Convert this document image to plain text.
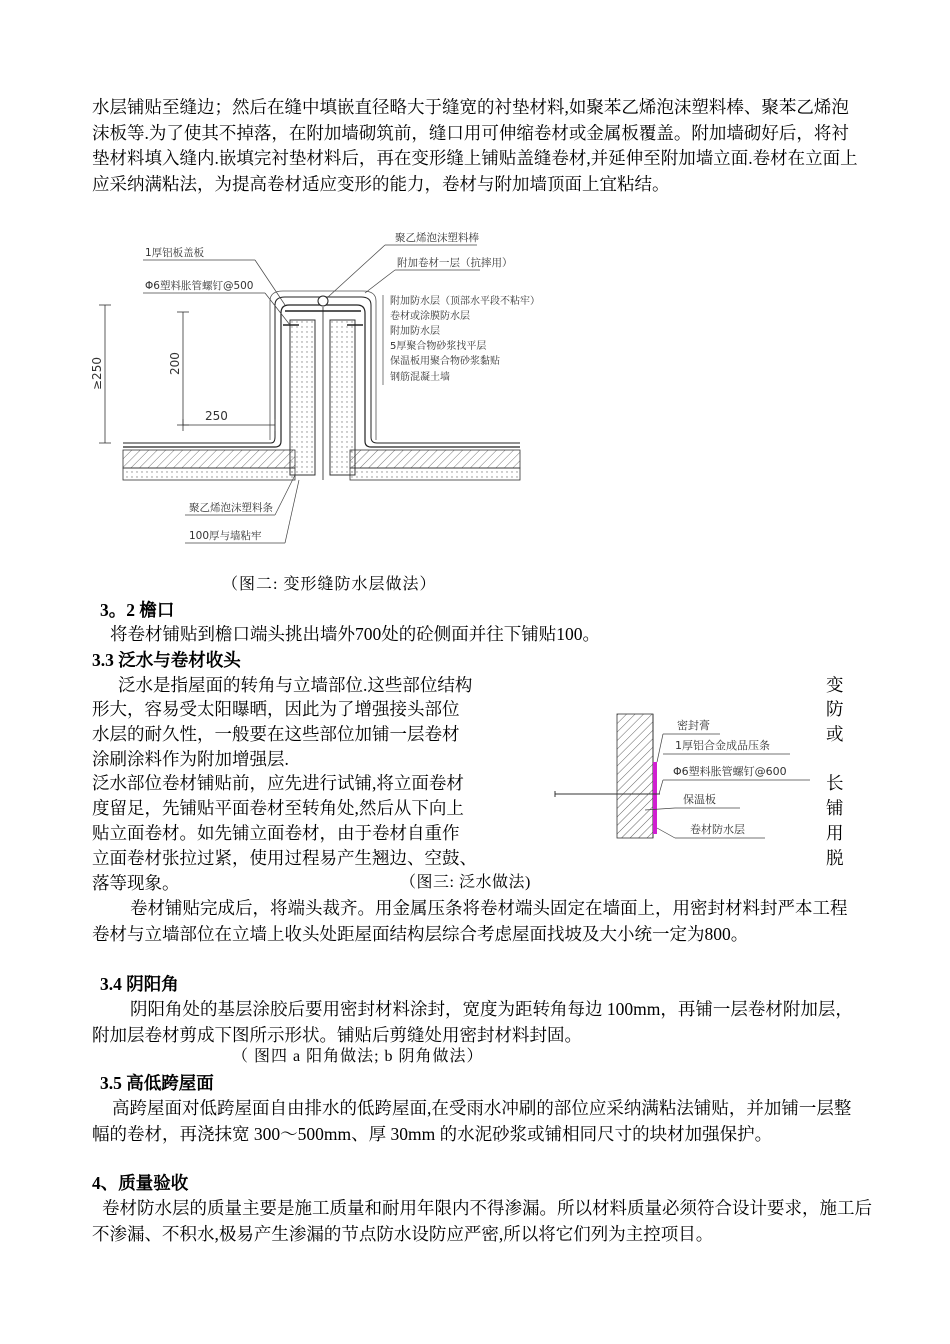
水层铺贴至缝边；然后在缝中填嵌直径略大于缝宽的衬垫材料,如聚苯乙烯泡沫塑料棒、聚苯乙烯泡沫板等.为了使其不掉落，在附加墙砌筑前，缝口用可伸缩卷材或金属板覆盖。附加墙砌好后，将衬垫材料填入缝内.嵌填完衬垫材料后，再在变形缝上铺贴盖缝卷材,并延伸至附加墙立面.卷材在立面上应采纳满粘法，为提高卷材适应变形的能力，卷材与附加墙顶面上宜粘结。

≥250	200
250
1厚铝板盖板
Φ6塑料胀管螺钉@500
聚乙烯泡沫塑料棒
附加卷材一层（抗摔用）
附加防水层（顶部水平段不粘牢）
卷材或涂膜防水层
附加防水层
5厚聚合物砂浆找平层
保温板用聚合物砂浆黏贴
钢筋混凝土墙
聚乙烯泡沫塑料条
100厚与墙粘牢
（图二: 变形缝防水层做法）
3。2 檐口
将卷材铺贴到檐口端头挑出墙外700处的砼侧面并往下铺贴100。
3.3 泛水与卷材收头
泛水是指屋面的转角与立墙部位.这些部位结构
形大，容易受太阳曝晒，因此为了增强接头部位
水层的耐久性，一般要在这些部位加铺一层卷材
涂刷涂料作为附加增强层.
泛水部位卷材铺贴前，应先进行试铺,将立面卷材
度留足，先铺贴平面卷材至转角处,然后从下向上
贴立面卷材。如先铺立面卷材，由于卷材自重作
立面卷材张拉过紧，使用过程易产生翘边、空鼓、
落等现象。
变
防
或
长
铺
用
脱
密封膏
1厚铝合金成品压条
Φ6塑料胀管螺钉@600
保温板
卷材防水层
（图三: 泛水做法)

卷材铺贴完成后，将端头裁齐。用金属压条将卷材端头固定在墙面上，用密封材料封严本工程卷材与立墙部位在立墙上收头处距屋面结构层综合考虑屋面找坡及大小统一定为800。

3.4 阴阳角

阴阳角处的基层涂胶后要用密封材料涂封，宽度为距转角每边 100mm，再铺一层卷材附加层，附加层卷材剪成下图所示形状。铺贴后剪缝处用密封材料封固。

（ 图四 a 阳角做法; b 阴角做法）
3.5 高低跨屋面

高跨屋面对低跨屋面自由排水的低跨屋面,在受雨水冲刷的部位应采纳满粘法铺贴，并加铺一层整幅的卷材，再浇抹宽 300～500mm、厚 30mm 的水泥砂浆或铺相同尺寸的块材加强保护。

4、质量验收

卷材防水层的质量主要是施工质量和耐用年限内不得渗漏。所以材料质量必须符合设计要求，施工后不渗漏、不积水,极易产生渗漏的节点防水设防应严密,所以将它们列为主控项目。
